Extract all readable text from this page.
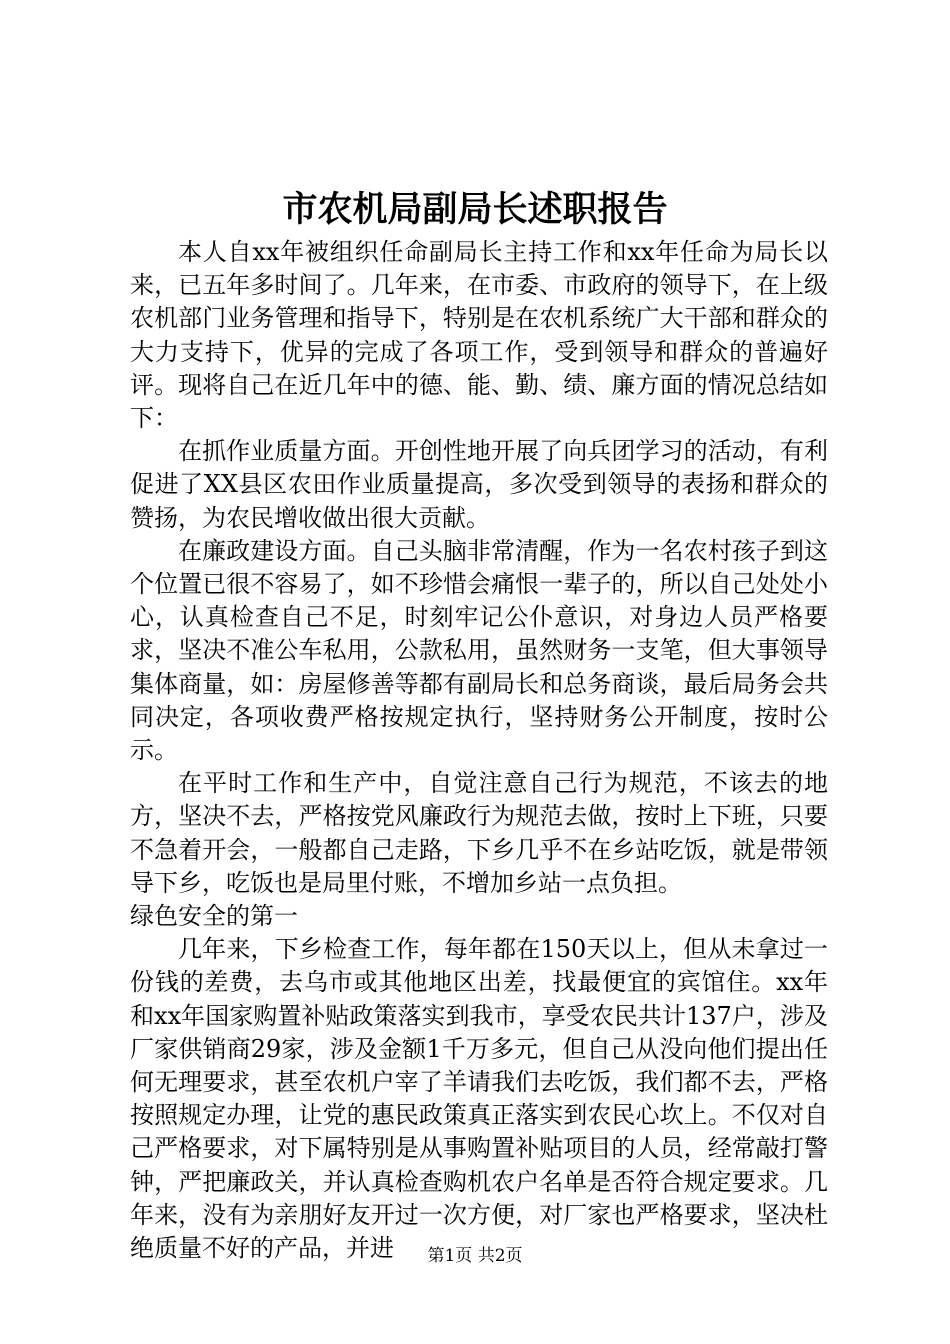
市农机局副局长述职报告

本人自xx年被组织任命副局长主持工作和xx年任命为局长以来，已五年多时间了。几年来，在市委、市政府的领导下，在上级农机部门业务管理和指导下，特别是在农机系统广大干部和群众的大力支持下，优异的完成了各项工作，受到领导和群众的普遍好评。现将自己在近几年中的德、能、勤、绩、廉方面的情况总结如下：

在抓作业质量方面。开创性地开展了向兵团学习的活动，有利促进了XX县区农田作业质量提高，多次受到领导的表扬和群众的赞扬，为农民增收做出很大贡献。

在廉政建设方面。自己头脑非常清醒，作为一名农村孩子到这个位置已很不容易了，如不珍惜会痛恨一辈子的，所以自己处处小心，认真检查自己不足，时刻牢记公仆意识，对身边人员严格要求，坚决不准公车私用，公款私用，虽然财务一支笔，但大事领导集体商量，如：房屋修善等都有副局长和总务商谈，最后局务会共同决定，各项收费严格按规定执行，坚持财务公开制度，按时公示。

在平时工作和生产中，自觉注意自己行为规范，不该去的地方，坚决不去，严格按党风廉政行为规范去做，按时上下班，只要不急着开会，一般都自己走路，下乡几乎不在乡站吃饭，就是带领导下乡，吃饭也是局里付账，不增加乡站一点负担。

绿色安全的第一

几年来，下乡检查工作，每年都在150天以上，但从未拿过一份钱的差费，去乌市或其他地区出差，找最便宜的宾馆住。xx年和xx年国家购置补贴政策落实到我市，享受农民共计137户，涉及厂家供销商29家，涉及金额1千万多元，但自己从没向他们提出任何无理要求，甚至农机户宰了羊请我们去吃饭，我们都不去，严格按照规定办理，让党的惠民政策真正落实到农民心坎上。不仅对自己严格要求，对下属特别是从事购置补贴项目的人员，经常敲打警钟，严把廉政关，并认真检查购机农户名单是否符合规定要求。几年来，没有为亲朋好友开过一次方便，对厂家也严格要求，坚决杜绝质量不好的产品，并进	第1页 共2页
